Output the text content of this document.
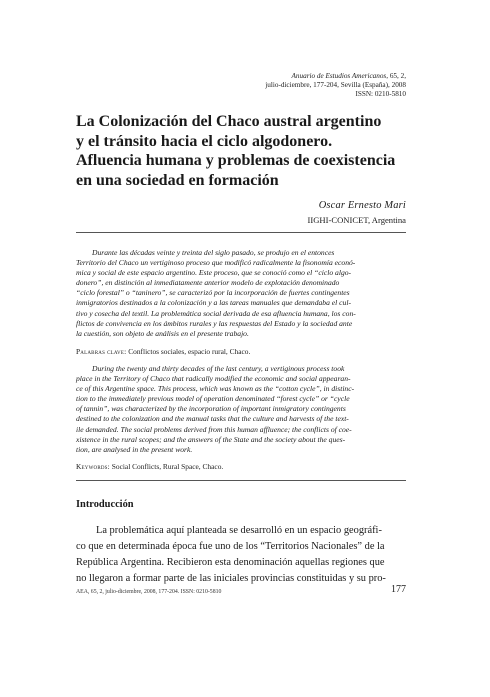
Anuario de Estudios Americanos, 65, 2,
julio-diciembre, 177-204, Sevilla (España), 2008
ISSN: 0210-5810
La Colonización del Chaco austral argentino
y el tránsito hacia el ciclo algodonero.
Afluencia humana y problemas de coexistencia
en una sociedad en formación
Oscar Ernesto Mari
IIGHI-CONICET, Argentina

Durante las décadas veinte y treinta del siglo pasado, se produjo en el entonces
Territorio del Chaco un vertiginoso proceso que modificó radicalmente la fisonomía econó-
mica y social de este espacio argentino. Este proceso, que se conoció como el “ciclo algo-
donero”, en distinción al inmediatamente anterior modelo de explotación denominado
“ciclo forestal” o “taninero”, se caracterizó por la incorporación de fuertes contingentes
inmigratorios destinados a la colonización y a las tareas manuales que demandaba el cul-
tivo y cosecha del textil. La problemática social derivada de esa afluencia humana, los con-
flictos de convivencia en los ámbitos rurales y las respuestas del Estado y la sociedad ante
la cuestión, son objeto de análisis en el presente trabajo.

Palabras clave: Conflictos sociales, espacio rural, Chaco.

During the twenty and thirty decades of the last century, a vertiginous process took
place in the Territory of Chaco that radically modified the economic and social appearan-
ce of this Argentine space. This process, which was known as the “cotton cycle”, in distinc-
tion to the immediately previous model of operation denominated “forest cycle” or “cycle
of tannin”, was characterized by the incorporation of important inmigratory contingents
destined to the colonization and the manual tasks that the culture and harvests of the text-
ile demanded. The social problems derived from this human affluence; the conflicts of coe-
xistence in the rural scopes; and the answers of the State and the society about the ques-
tion, are analysed in the present work.

Keywords: Social Conflicts, Rural Space, Chaco.
Introducción
La problemática aquí planteada se desarrolló en un espacio geográfi-
co que en determinada época fue uno de los “Territorios Nacionales” de la
República Argentina. Recibieron esta denominación aquellas regiones que
no llegaron a formar parte de las iniciales provincias constituidas y su pro-
AEA, 65, 2, julio-diciembre, 2008, 177-204. ISSN: 0210-5810	177
